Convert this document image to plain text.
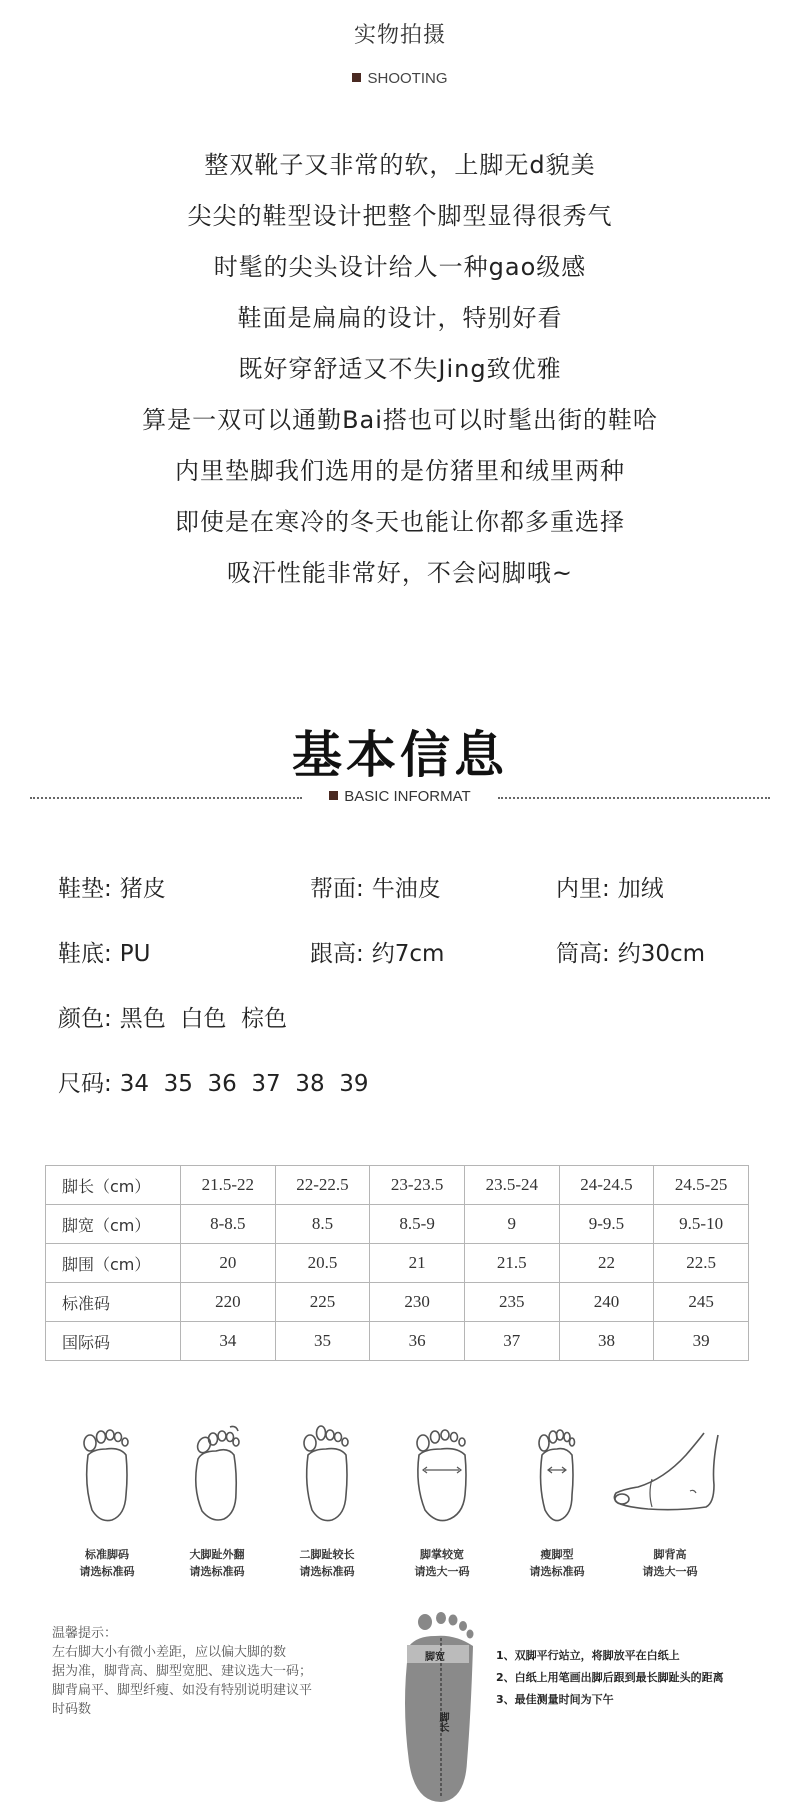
实物拍摄
SHOOTING

整双靴子又非常的软，上脚无d貌美

尖尖的鞋型设计把整个脚型显得很秀气

时髦的尖头设计给人一种gao级感

鞋面是扁扁的设计，特别好看

既好穿舒适又不失Jing致优雅

算是一双可以通勤Bai搭也可以时髦出街的鞋哈

内里垫脚我们选用的是仿猪里和绒里两种

即使是在寒冷的冬天也能让你都多重选择

吸汗性能非常好，不会闷脚哦~

基本信息
BASIC INFORMAT
鞋垫: 猪皮	帮面: 牛油皮	内里: 加绒
鞋底: PU	跟高: 约7cm	筒高: 约30cm
颜色: 黑色  白色  棕色
尺码: 34  35  36  37  38  39
脚长（cm）	21.5-22	22-22.5	23-23.5	23.5-24	24-24.5	24.5-25
脚宽（cm）	8-8.5	8.5	8.5-9	9	9-9.5	9.5-10
脚围（cm）	20	20.5	21	21.5	22	22.5
标准码	220	225	230	235	240	245
国际码	34	35	36	37	38	39
标准脚码
请选标准码
大脚趾外翻
请选标准码
二脚趾较长
请选标准码
脚掌较宽
请选大一码
瘦脚型
请选标准码
脚背高
请选大一码
温馨提示：
左右脚大小有微小差距，应以偏大脚的数
据为准，脚背高、脚型宽肥、建议选大一码；
脚背扁平、脚型纤瘦、如没有特别说明建议平
时码数
脚宽
脚长
1、双脚平行站立，将脚放平在白纸上
2、白纸上用笔画出脚后跟到最长脚趾头的距离
3、最佳测量时间为下午
